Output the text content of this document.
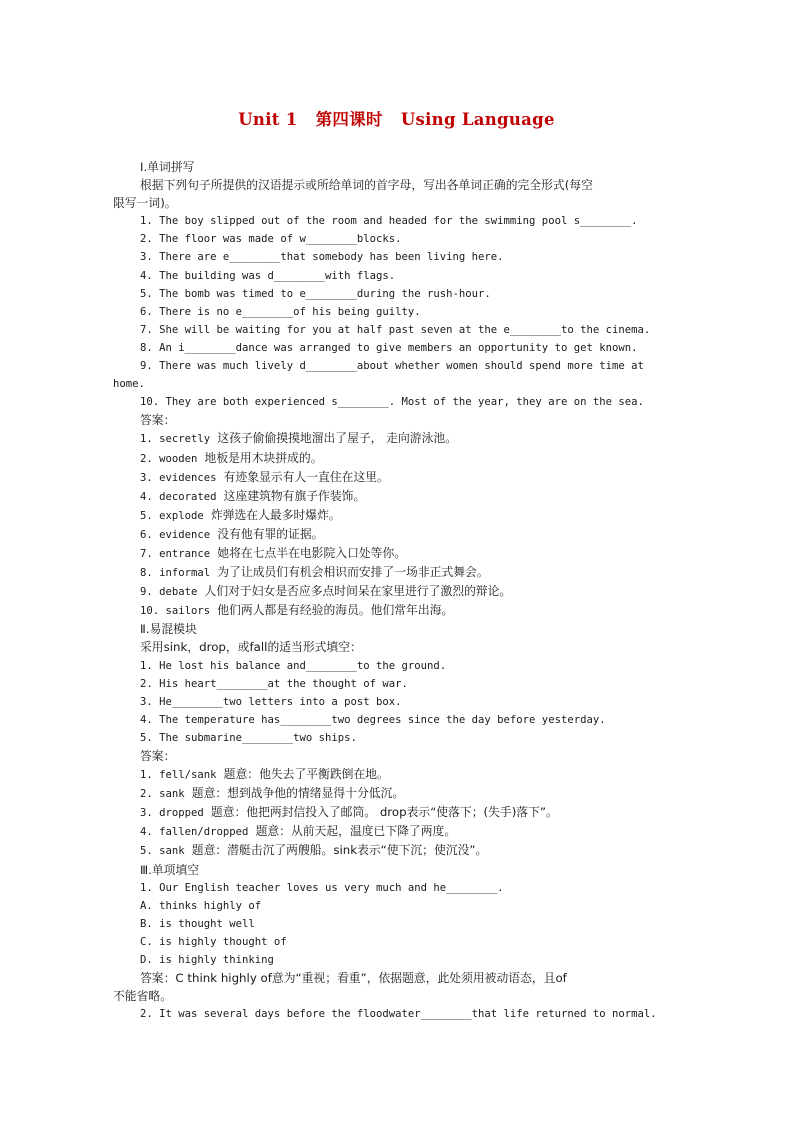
Unit 1 第四课时 Using Language
Ⅰ.单词拼写
根据下列句子所提供的汉语提示或所给单词的首字母，写出各单词正确的完全形式(每空
限写一词)。
1. The boy slipped out of the room and headed for the swimming pool s________.
2. The floor was made of w________blocks.
3. There are e________that somebody has been living here.
4. The building was d________with flags.
5. The bomb was timed to e________during the rush-hour.
6. There is no e________of his being guilty.
7. She will be waiting for you at half past seven at the e________to the cinema.
8. An i________dance was arranged to give members an opportunity to get known.
9. There was much lively d________about whether women should spend more time at
home.
10. They are both experienced s________. Most of the year, they are on the sea.
答案：
1. secretly 这孩子偷偷摸摸地溜出了屋子， 走向游泳池。
2. wooden 地板是用木块拼成的。
3. evidences 有迹象显示有人一直住在这里。
4. decorated 这座建筑物有旗子作装饰。
5. explode 炸弹选在人最多时爆炸。
6. evidence 没有他有罪的证据。
7. entrance 她将在七点半在电影院入口处等你。
8. informal 为了让成员们有机会相识而安排了一场非正式舞会。
9. debate 人们对于妇女是否应多点时间呆在家里进行了激烈的辩论。
10. sailors 他们两人都是有经验的海员。他们常年出海。
Ⅱ.易混模块
采用sink，drop，或fall的适当形式填空：
1. He lost his balance and________to the ground.
2. His heart________at the thought of war.
3. He________two letters into a post box.
4. The temperature has________two degrees since the day before yesterday.
5. The submarine________two ships.
答案：
1. fell/sank 题意：他失去了平衡跌倒在地。
2. sank 题意：想到战争他的情绪显得十分低沉。
3. dropped 题意：他把两封信投入了邮筒。 drop表示“使落下；(失手)落下”。
4. fallen/dropped 题意：从前天起，温度已下降了两度。
5. sank 题意：潜艇击沉了两艘船。sink表示“使下沉；使沉没”。
Ⅲ.单项填空
1. Our English teacher loves us very much and he________.
A. thinks highly of
B. is thought well
C. is highly thought of
D. is highly thinking
答案：C think highly of意为“重视；看重”，依据题意，此处须用被动语态，且of
不能省略。
2. It was several days before the floodwater________that life returned to normal.
